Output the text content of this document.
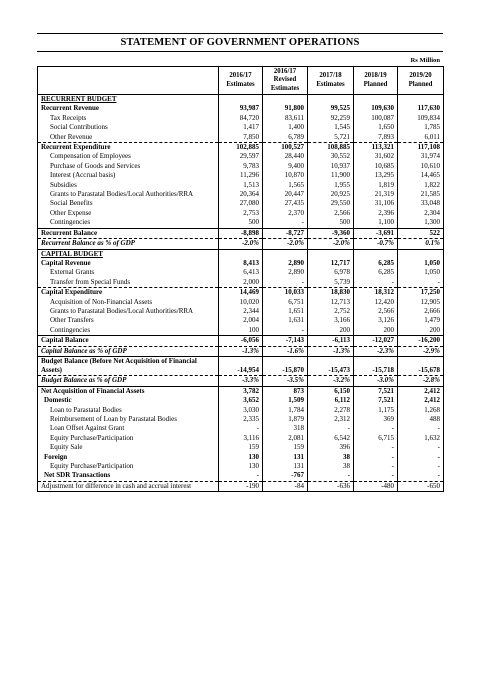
STATEMENT OF GOVERNMENT OPERATIONS
Rs Million
	2016/17 Estimates	2016/17 Revised Estimates	2017/18 Estimates	2018/19 Planned	2019/20 Planned
RECURRENT BUDGET					
Recurrent Revenue	93,987	91,800	99,525	109,630	117,630
Tax Receipts	84,720	83,611	92,259	100,087	109,834
Social Contributions	1,417	1,400	1,545	1,650	1,785
Other Revenue	7,850	6,789	5,721	7,893	6,011
Recurrent Expenditure	102,885	100,527	108,885	113,321	117,108
Compensation of Employees	29,597	28,440	30,552	31,602	31,974
Purchase of Goods and Services	9,783	9,400	10,937	10,685	10,610
Interest (Accrual basis)	11,296	10,870	11,900	13,295	14,465
Subsidies	1,513	1,565	1,955	1,819	1,822
Grants to Parastatal Bodies/Local Authorities/RRA	20,364	20,447	20,925	21,319	21,585
Social Benefits	27,080	27,435	29,550	31,106	33,048
Other Expense	2,753	2,370	2,566	2,396	2,304
Contingencies	500	-	500	1,100	1,300
Recurrent Balance	-8,898	-8,727	-9,360	-3,691	522
Recurrent Balance as % of GDP	-2.0%	-2.0%	-2.0%	-0.7%	0.1%
CAPITAL BUDGET					
Capital Revenue	8,413	2,890	12,717	6,285	1,050
External Grants	6,413	2,890	6,978	6,285	1,050
Transfer from Special Funds	2,000	-	5,739	-	-
Capital Expenditure	14,469	10,033	18,830	18,312	17,250
Acquisition of Non-Financial Assets	10,020	6,751	12,713	12,420	12,905
Grants to Parastatal Bodies/Local Authorities/RRA	2,344	1,651	2,752	2,566	2,666
Other Transfers	2,004	1,631	3,166	3,126	1,479
Contingencies	100	-	200	200	200
Capital Balance	-6,056	-7,143	-6,113	-12,027	-16,200
Capital Balance as % of GDP	-1.3%	-1.6%	-1.3%	-2.3%	-2.9%
Budget Balance (Before Net Acquisition of Financial Assets)	-14,954	-15,870	-15,473	-15,718	-15,678
Budget Balance as % of GDP	-3.3%	-3.5%	-3.2%	-3.0%	-2.8%
Net Acquisition of Financial Assets	3,782	873	6,150	7,521	2,412
Domestic	3,652	1,509	6,112	7,521	2,412
Loan to Parastatal Bodies	3,030	1,784	2,278	1,175	1,268
Reimbursement of Loan by Parastatal Bodies	2,335	1,879	2,312	369	488
Loan Offset Against Grant	-	318	-	-	-
Equity Purchase/Participation	3,116	2,081	6,542	6,715	1,632
Equity Sale	159	159	396	-	-
Foreign	130	131	38	-	-
Equity Purchase/Participation	130	131	38	-	-
Net SDR Transactions	-	-767	-	-	-
Adjustment for difference in cash and accrual interest	-190	-84	-636	-480	-650
